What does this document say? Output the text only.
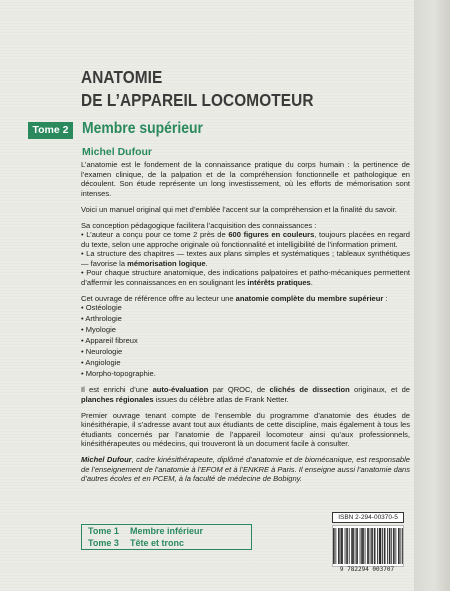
ANATOMIE
DE L’APPAREIL LOCOMOTEUR
Tome 2 Membre supérieur
Michel Dufour

L’anatomie est le fondement de la connaissance pratique du corps humain : la pertinence de l’examen clinique, de la palpation et de la compréhension fonctionnelle et pathologique en découlent. Son étude représente un long investissement, où les efforts de mémorisation sont intenses.

Voici un manuel original qui met d’emblée l’accent sur la compréhension et la finalité du savoir.

Sa conception pédagogique facilitera l’acquisition des connaissances :

• L’auteur a conçu pour ce tome 2 près de 600 figures en couleurs, toujours placées en regard du texte, selon une approche originale où fonctionnalité et intelligibilité de l’information priment.

• La structure des chapitres — textes aux plans simples et systématiques ; tableaux synthétiques — favorise la mémorisation logique.

• Pour chaque structure anatomique, des indications palpatoires et patho-mécaniques permettent d’affermir les connaissances en en soulignant les intérêts pratiques.

Cet ouvrage de référence offre au lecteur une anatomie complète du membre supérieur :

• Ostéologie
• Arthrologie
• Myologie
• Appareil fibreux
• Neurologie
• Angiologie
• Morpho-topographie.

Il est enrichi d’une auto-évaluation par QROC, de clichés de dissection originaux, et de planches régionales issues du célèbre atlas de Frank Netter.

Premier ouvrage tenant compte de l’ensemble du programme d’anatomie des études de kinésithérapie, il s’adresse avant tout aux étudiants de cette discipline, mais également à tous les étudiants concernés par l’anatomie de l’appareil locomoteur ainsi qu’aux professionnels, kinésithérapeutes ou médecins, qui trouveront là un document facile à consulter.

Michel Dufour, cadre kinésithérapeute, diplômé d’anatomie et de biomécanique, est responsable de l’enseignement de l’anatomie à l’EFOM et à l’ENKRE à Paris. Il enseigne aussi l’anatomie dans d’autres écoles et en PCEM, à la faculté de médecine de Bobigny.

Tome 1 Membre inférieur
Tome 3 Tête et tronc
ISBN 2-294-00370-5
9 782294 003707
